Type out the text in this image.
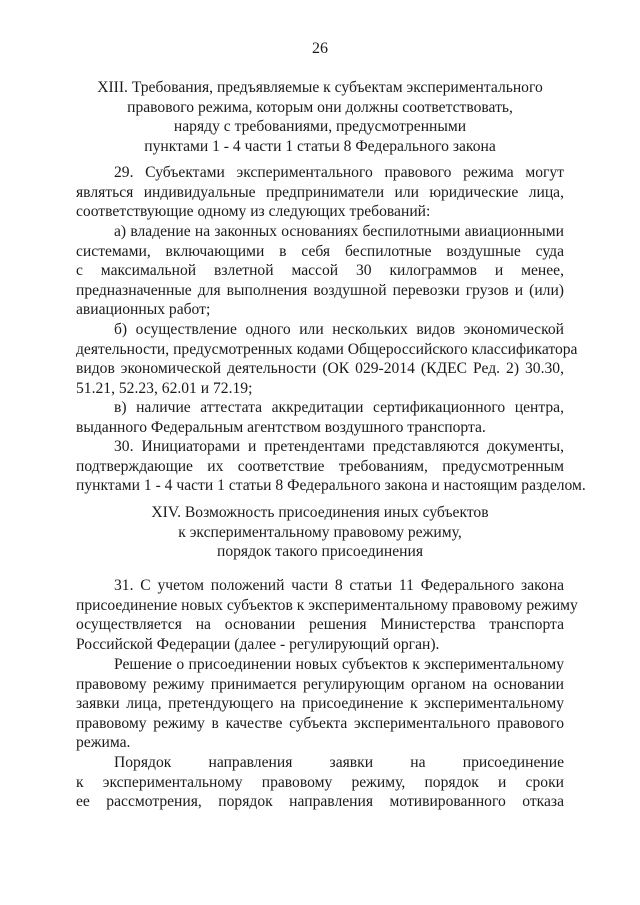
26
XIII. Требования, предъявляемые к субъектам экспериментального
правового режима, которым они должны соответствовать,
наряду с требованиями, предусмотренными
пунктами 1 - 4 части 1 статьи 8 Федерального закона
29. Субъектами экспериментального правового режима могут
являться индивидуальные предприниматели или юридические лица,
соответствующие одному из следующих требований:
а) владение на законных основаниях беспилотными авиационными
системами, включающими в себя беспилотные воздушные суда
с максимальной взлетной массой 30 килограммов и менее,
предназначенные для выполнения воздушной перевозки грузов и (или)
авиационных работ;
б) осуществление одного или нескольких видов экономической
деятельности, предусмотренных кодами Общероссийского классификатора
видов экономической деятельности (ОК 029-2014 (КДЕС Ред. 2) 30.30,
51.21, 52.23, 62.01 и 72.19;
в) наличие аттестата аккредитации сертификационного центра,
выданного Федеральным агентством воздушного транспорта.
30. Инициаторами и претендентами представляются документы,
подтверждающие их соответствие требованиям, предусмотренным
пунктами 1 - 4 части 1 статьи 8 Федерального закона и настоящим разделом.
XIV. Возможность присоединения иных субъектов
к экспериментальному правовому режиму,
порядок такого присоединения
31. С учетом положений части 8 статьи 11 Федерального закона
присоединение новых субъектов к экспериментальному правовому режиму
осуществляется на основании решения Министерства транспорта
Российской Федерации (далее - регулирующий орган).
Решение о присоединении новых субъектов к экспериментальному
правовому режиму принимается регулирующим органом на основании
заявки лица, претендующего на присоединение к экспериментальному
правовому режиму в качестве субъекта экспериментального правового
режима.
Порядок направления заявки на присоединение
к экспериментальному правовому режиму, порядок и сроки
ее рассмотрения, порядок направления мотивированного отказа
